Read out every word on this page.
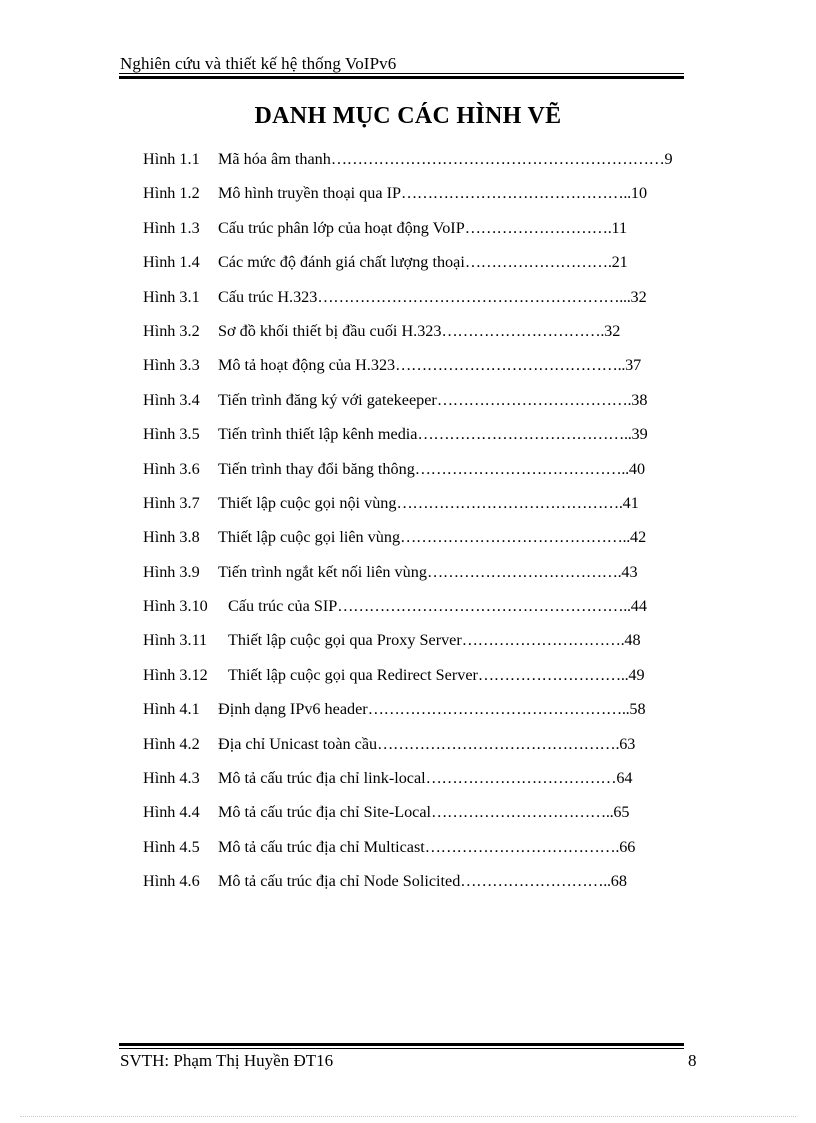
Nghiên cứu và thiết kế hệ thống VoIPv6
DANH MỤC CÁC HÌNH VẼ
Hình 1.1 Mã hóa âm thanh………………………………………………………9
Hình 1.2 Mô hình truyền thoại qua IP……………………………………..10
Hình 1.3 Cấu trúc phân lớp của hoạt động VoIP……………………….11
Hình 1.4 Các mức độ đánh giá chất lượng thoại……………………….21
Hình 3.1 Cấu trúc H.323…………………………………………………...32
Hình 3.2 Sơ đồ khối thiết bị đầu cuối H.323………………………….32
Hình 3.3 Mô tả hoạt động của H.323……………………………………..37
Hình 3.4 Tiến trình đăng ký với gatekeeper……………………………….38
Hình 3.5 Tiến trình thiết lập kênh media…………………………………..39
Hình 3.6 Tiến trình thay đổi băng thông…………………………………..40
Hình 3.7 Thiết lập cuộc gọi nội vùng…………………………………….41
Hình 3.8 Thiết lập cuộc gọi liên vùng……………………………………..42
Hình 3.9 Tiến trình ngắt kết nối liên vùng……………………………….43
Hình 3.10 Cấu trúc của SIP………………………………………………..44
Hình 3.11 Thiết lập cuộc gọi qua Proxy Server………………………….48
Hình 3.12 Thiết lập cuộc gọi qua Redirect Server………………………..49
Hình 4.1 Định dạng IPv6 header…………………………………………..58
Hình 4.2 Địa chỉ Unicast toàn cầu……………………………………….63
Hình 4.3 Mô tả cấu trúc địa chỉ link-local………………………………64
Hình 4.4 Mô tả cấu trúc địa chỉ Site-Local……………………………..65
Hình 4.5 Mô tả cấu trúc địa chỉ Multicast……………………………….66
Hình 4.6 Mô tả cấu trúc địa chỉ Node Solicited………………………..68
SVTH: Phạm Thị Huyền ĐT16	8
